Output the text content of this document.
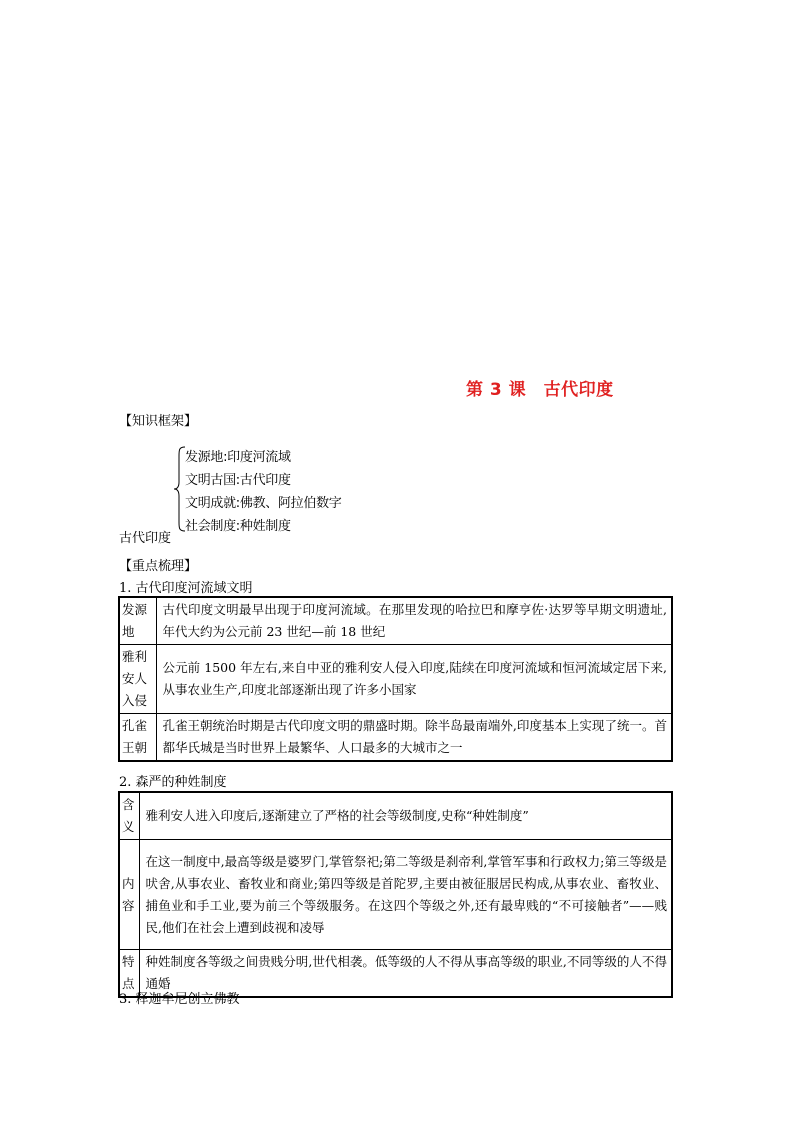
第 3 课　古代印度
【知识框架】
发源地:印度河流域
文明古国:古代印度
文明成就:佛教、阿拉伯数字
社会制度:种姓制度
古代印度
【重点梳理】
1. 古代印度河流域文明
发源地	古代印度文明最早出现于印度河流域。在那里发现的哈拉巴和摩亨佐·达罗等早期文明遗址,年代大约为公元前 23 世纪—前 18 世纪
雅利安人入侵	公元前 1500 年左右,来自中亚的雅利安人侵入印度,陆续在印度河流域和恒河流域定居下来,从事农业生产,印度北部逐渐出现了许多小国家
孔雀王朝	孔雀王朝统治时期是古代印度文明的鼎盛时期。除半岛最南端外,印度基本上实现了统一。首都华氏城是当时世界上最繁华、人口最多的大城市之一
2. 森严的种姓制度
含义	雅利安人进入印度后,逐渐建立了严格的社会等级制度,史称“种姓制度”
内容	在这一制度中,最高等级是婆罗门,掌管祭祀;第二等级是刹帝利,掌管军事和行政权力;第三等级是吠舍,从事农业、畜牧业和商业;第四等级是首陀罗,主要由被征服居民构成,从事农业、畜牧业、捕鱼业和手工业,要为前三个等级服务。在这四个等级之外,还有最卑贱的“不可接触者”——贱民,他们在社会上遭到歧视和凌辱
特点	种姓制度各等级之间贵贱分明,世代相袭。低等级的人不得从事高等级的职业,不同等级的人不得通婚
3. 释迦牟尼创立佛教
